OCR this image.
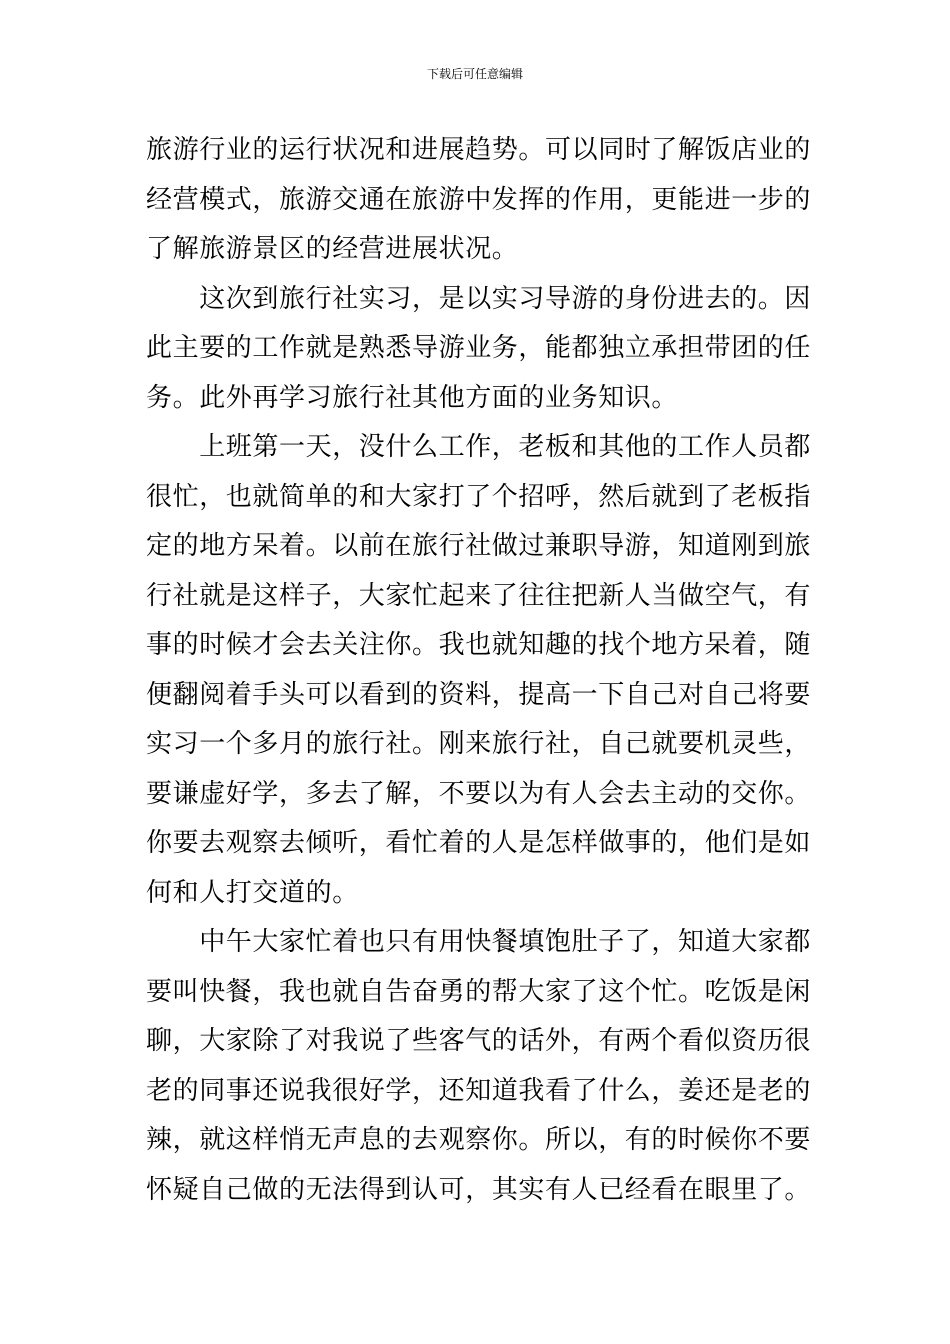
下载后可任意编辑
旅游行业的运行状况和进展趋势。可以同时了解饭店业的
经营模式，旅游交通在旅游中发挥的作用，更能进一步的
了解旅游景区的经营进展状况。
　　这次到旅行社实习，是以实习导游的身份进去的。因
此主要的工作就是熟悉导游业务，能都独立承担带团的任
务。此外再学习旅行社其他方面的业务知识。
　　上班第一天，没什么工作，老板和其他的工作人员都
很忙，也就简单的和大家打了个招呼，然后就到了老板指
定的地方呆着。以前在旅行社做过兼职导游，知道刚到旅
行社就是这样子，大家忙起来了往往把新人当做空气，有
事的时候才会去关注你。我也就知趣的找个地方呆着，随
便翻阅着手头可以看到的资料，提高一下自己对自己将要
实习一个多月的旅行社。刚来旅行社，自己就要机灵些，
要谦虚好学，多去了解，不要以为有人会去主动的交你。
你要去观察去倾听，看忙着的人是怎样做事的，他们是如
何和人打交道的。
　　中午大家忙着也只有用快餐填饱肚子了，知道大家都
要叫快餐，我也就自告奋勇的帮大家了这个忙。吃饭是闲
聊，大家除了对我说了些客气的话外，有两个看似资历很
老的同事还说我很好学，还知道我看了什么，姜还是老的
辣，就这样悄无声息的去观察你。所以，有的时候你不要
怀疑自己做的无法得到认可，其实有人已经看在眼里了。
